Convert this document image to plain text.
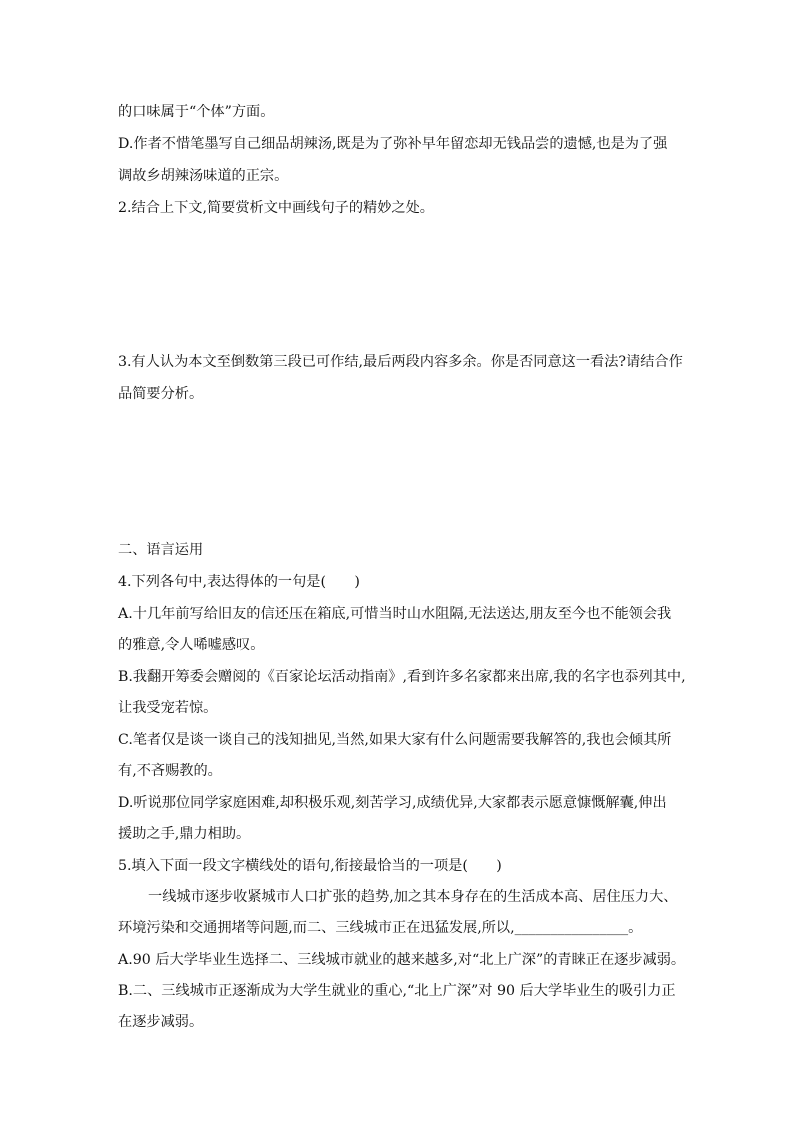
的口味属于“个体”方面。
D.作者不惜笔墨写自己细品胡辣汤,既是为了弥补早年留恋却无钱品尝的遗憾,也是为了强
调故乡胡辣汤味道的正宗。
2.结合上下文,简要赏析文中画线句子的精妙之处。
3.有人认为本文至倒数第三段已可作结,最后两段内容多余。你是否同意这一看法?请结合作
品简要分析。
二、语言运用
4.下列各句中,表达得体的一句是(　　)
A.十几年前写给旧友的信还压在箱底,可惜当时山水阻隔,无法送达,朋友至今也不能领会我
的雅意,令人唏嘘感叹。
B.我翻开筹委会赠阅的《百家论坛活动指南》,看到许多名家都来出席,我的名字也忝列其中,
让我受宠若惊。
C.笔者仅是谈一谈自己的浅知拙见,当然,如果大家有什么问题需要我解答的,我也会倾其所
有,不吝赐教的。
D.听说那位同学家庭困难,却积极乐观,刻苦学习,成绩优异,大家都表示愿意慷慨解囊,伸出
援助之手,鼎力相助。
5.填入下面一段文字横线处的语句,衔接最恰当的一项是(　　)
一线城市逐步收紧城市人口扩张的趋势,加之其本身存在的生活成本高、居住压力大、
环境污染和交通拥堵等问题,而二、三线城市正在迅猛发展,所以,________________。
A.90 后大学毕业生选择二、三线城市就业的越来越多,对“北上广深”的青睐正在逐步减弱。
B.二、三线城市正逐渐成为大学生就业的重心,“北上广深”对 90 后大学毕业生的吸引力正
在逐步减弱。
